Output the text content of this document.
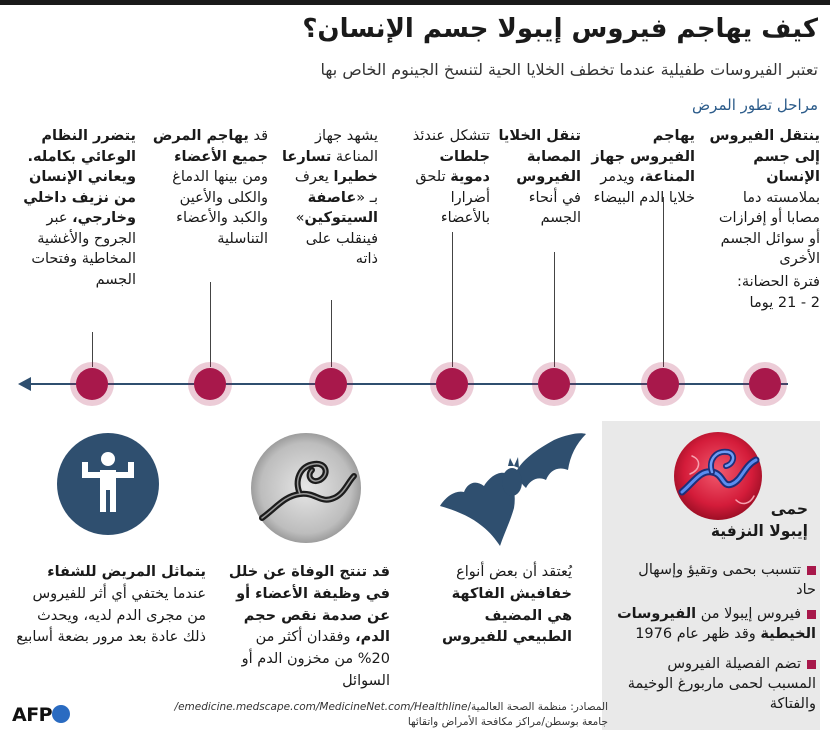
كيف يهاجم فيروس إيبولا جسم الإنسان؟
تعتبر الفيروسات طفيلية عندما تخطف الخلايا الحية لتنسخ الجينوم الخاص بها
مراحل تطور المرض
ينتقل الفيروس إلى جسم الإنسان بملامسته دما مصابا أو إفرازات أو سوائل الجسم الأخرى
فترة الحضانة:
2 - 21 يوما
يهاجم الفيروس جهاز المناعة، ويدمر خلايا الدم البيضاء
تنقل الخلايا المصابة الفيروس في أنحاء الجسم
تتشكل عندئذ جلطات دموية تلحق أضرارا بالأعضاء
يشهد جهاز المناعة تسارعا خطيرا يعرف بـ «عاصفة السيتوكين» فينقلب على ذاته
قد يهاجم المرض جميع الأعضاء ومن بينها الدماغ والكلى والأعين والكبد والأعضاء التناسلية
يتضرر النظام الوعائي بكامله. ويعاني الإنسان من نزيف داخلي وخارجي، عبر الجروح والأغشية المخاطية وفتحات الجسم
حمى
إيبولا النزفية
تتسبب بحمى وتقيؤ وإسهال حاد
فيروس إيبولا من الفيروسات الخيطية وقد ظهر عام 1976
تضم الفصيلة الفيروس المسبب لحمى ماربورغ الوخيمة والفتاكة
يُعتقد أن بعض أنواع خفافيش الفاكهة هي المضيف الطبيعي للفيروس
قد تنتج الوفاة عن خلل في وظيفة الأعضاء أو عن صدمة نقص حجم الدم، وفقدان أكثر من 20% من مخزون الدم أو السوائل
يتماثل المريض للشفاء عندما يختفي أي أثر للفيروس من مجرى الدم لديه، ويحدث ذلك عادة بعد مرور بضعة أسابيع
المصادر: منظمة الصحة العالمية/emedicine.medscape.com/MedicineNet.com/Healthline/
جامعة بوسطن/مراكز مكافحة الأمراض واتقائها
AFP
